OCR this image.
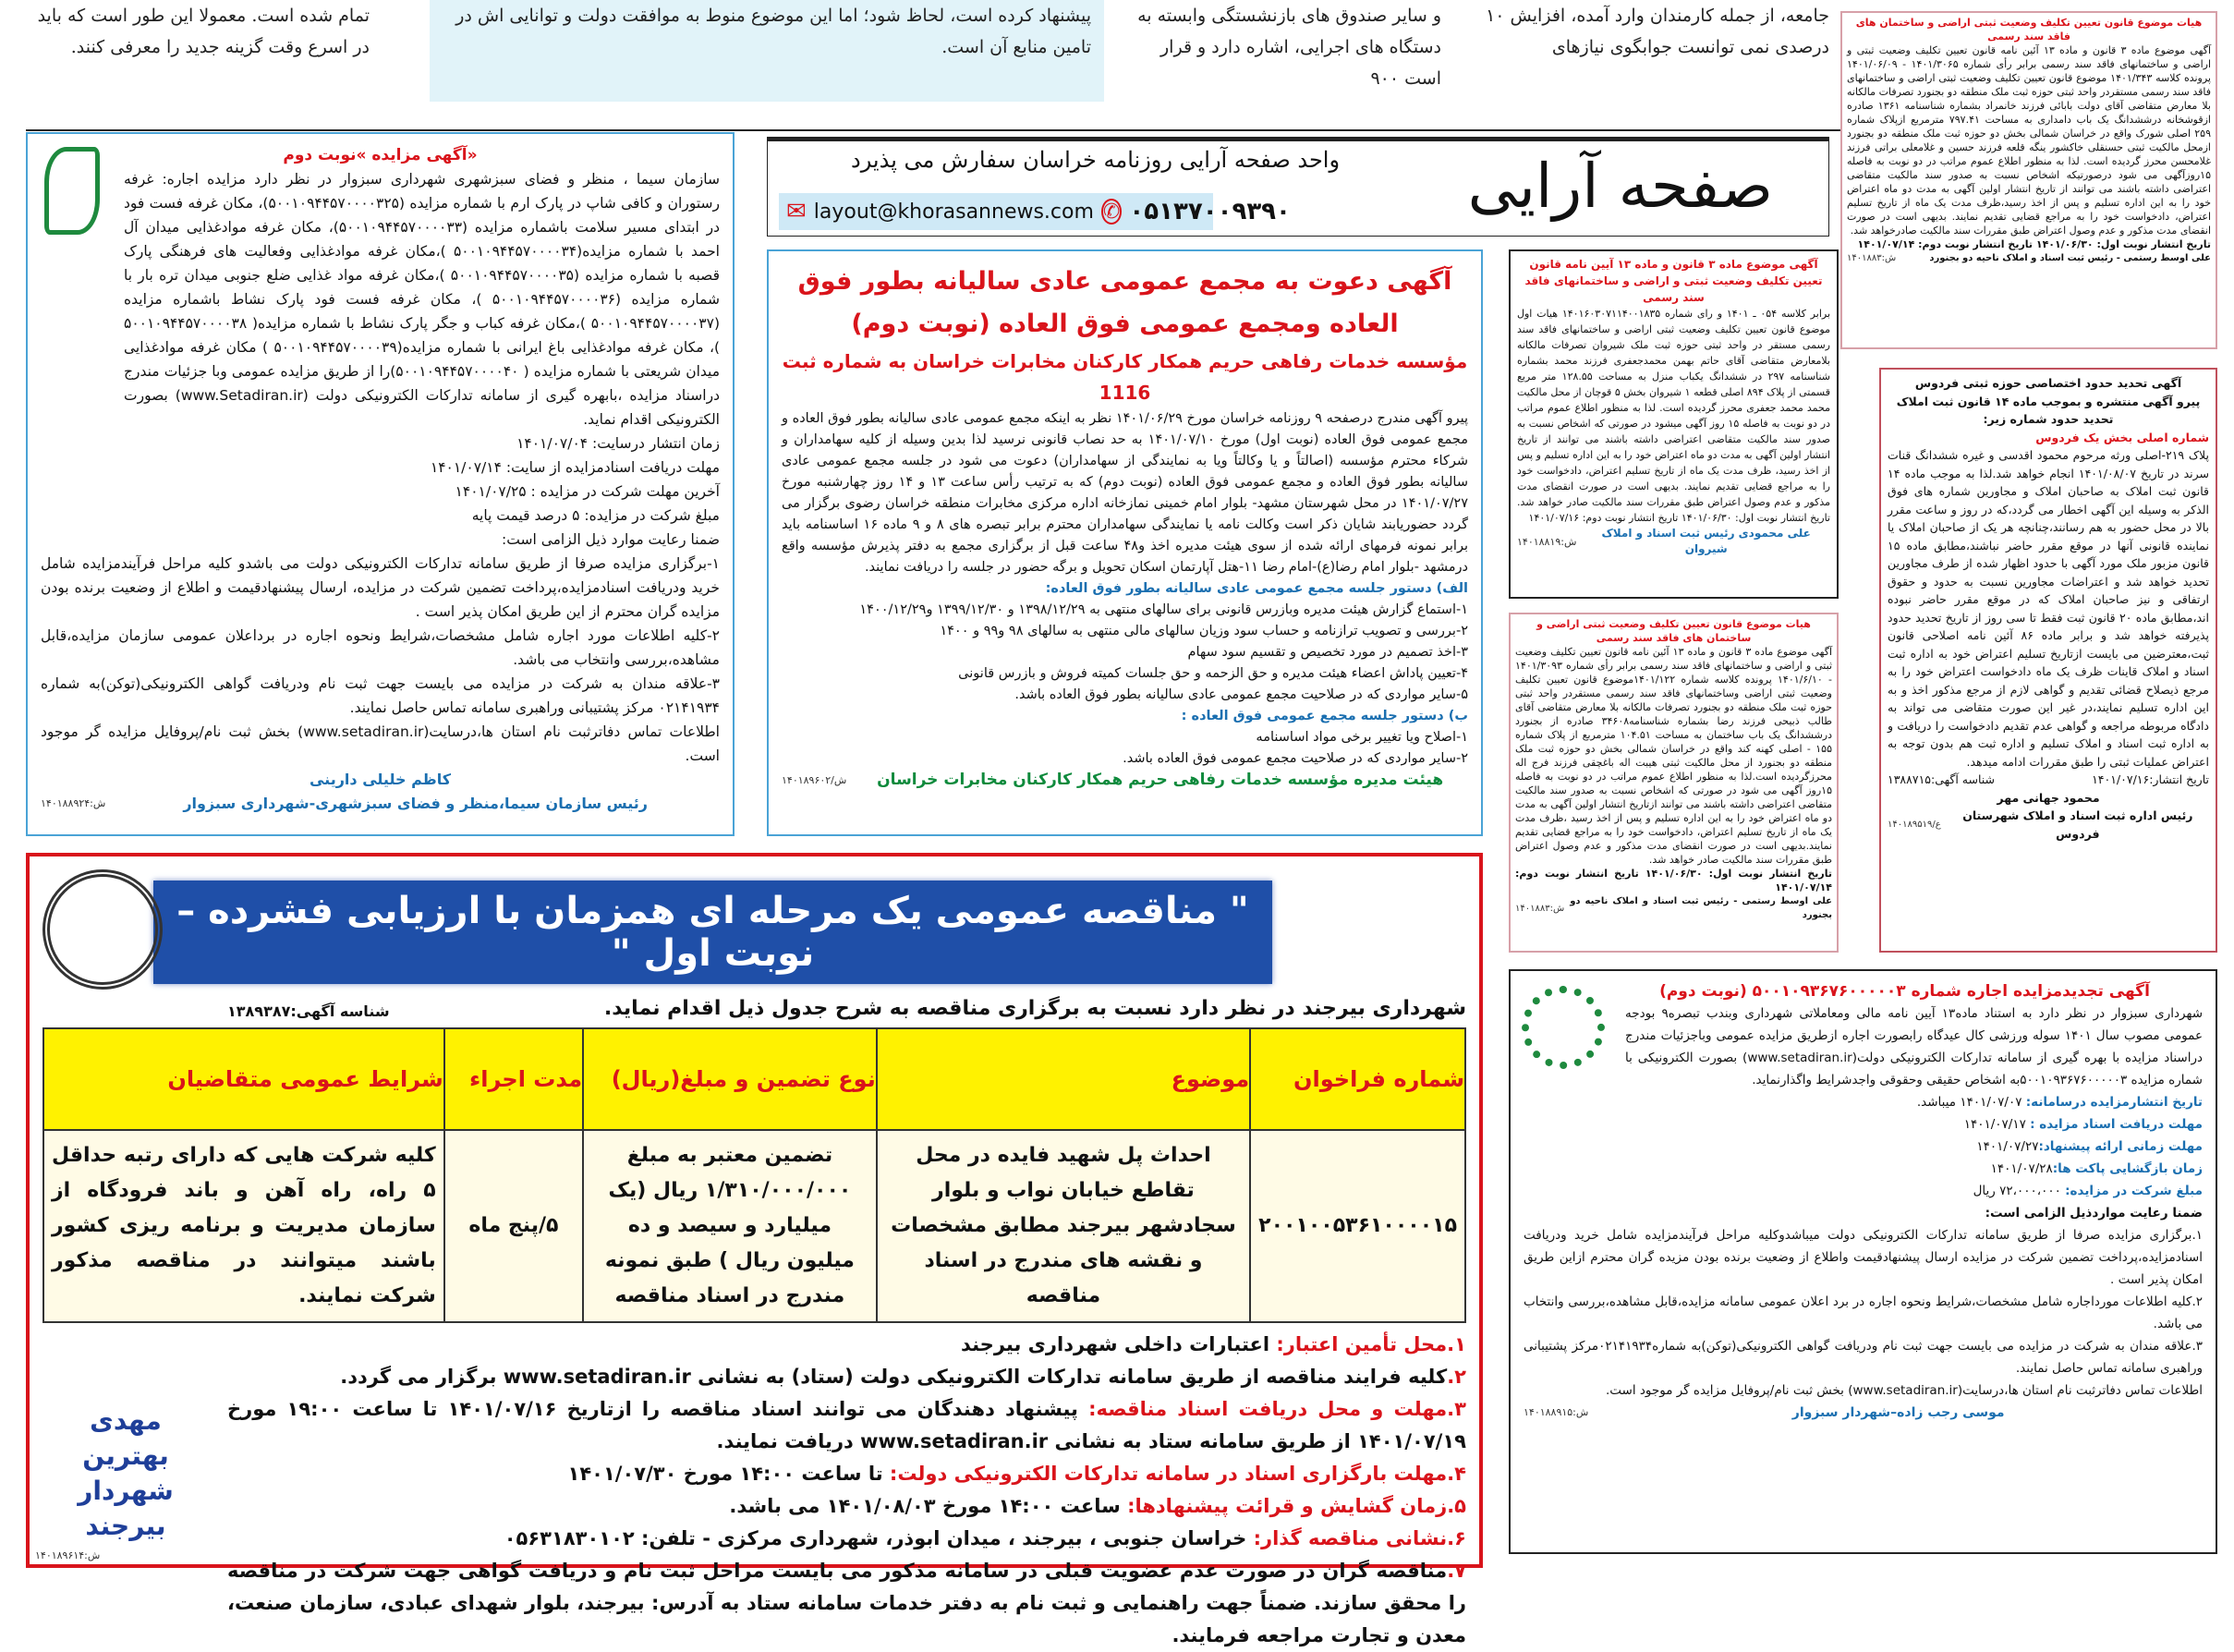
جامعه، از جمله کارمندان وارد آمده، افزایش ۱۰ درصدی نمی توانست جوابگوی نیازهای
و سایر صندوق های بازنشستگی وابسته به دستگاه های اجرایی، اشاره دارد و قرار است ۹۰۰
پیشنهاد کرده است، لحاظ شود؛ اما این موضوع منوط به موافقت دولت و توانایی اش در تامین منابع آن است.
تمام شده است. معمولا این طور است که باید در اسرع وقت گزینه جدید را معرفی کنند.
صفحه آرایی
واحد صفحه آرایی روزنامه خراسان سفارش می پذیرد
✉ layout@khorasannews.com ✆ ۰۵۱۳۷۰۰۹۳۹۰
«آگهی مزایده »نوبت دوم

سازمان سیما ، منظر و فضای سبزشهری شهرداری سبزوار در نظر دارد مزایده اجاره: غرفه رستوران و کافی شاپ در پارک ارم با شماره مزایده (۵۰۰۱۰۹۴۴۵۷۰۰۰۰۳۲۵)، مکان غرفه فست فود در ابتدای مسیر سلامت باشماره مزایده (۵۰۰۱۰۹۴۴۵۷۰۰۰۰۳۳)، مکان غرفه موادغذایی میدان آل احمد با شماره مزایده(۵۰۰۱۰۹۴۴۵۷۰۰۰۰۳۴ )،مکان غرفه موادغذایی وفعالیت های فرهنگی پارک قصبه با شماره مزایده (۵۰۰۱۰۹۴۴۵۷۰۰۰۰۳۵ )،مکان غرفه مواد غذایی ضلع جنوبی میدان تره بار با شماره مزایده (۵۰۰۱۰۹۴۴۵۷۰۰۰۰۳۶ )، مکان غرفه فست فود پارک نشاط باشماره مزایده (۵۰۰۱۰۹۴۴۵۷۰۰۰۰۳۷ )،مکان غرفه کباب و جگر پارک نشاط با شماره مزایده( ۵۰۰۱۰۹۴۴۵۷۰۰۰۰۳۸ )، مکان غرفه موادغذایی باغ ایرانی با شماره مزایده(۵۰۰۱۰۹۴۴۵۷۰۰۰۰۳۹ ) مکان غرفه موادغذایی میدان شریعتی با شماره مزایده ( ۵۰۰۱۰۹۴۴۵۷۰۰۰۰۴۰)را از طریق مزایده عمومی وبا جزئیات مندرج دراسناد مزایده ،بابهره گیری از سامانه تدارکات الکترونیکی دولت (www.Setadiran.ir) بصورت الکترونیکی اقدام نماید.

زمان انتشار درسایت: ۱۴۰۱/۰۷/۰۴
مهلت دریافت اسنادمزایده از سایت: ۱۴۰۱/۰۷/۱۴
آخرین مهلت شرکت در مزایده : ۱۴۰۱/۰۷/۲۵
مبلغ شرکت در مزایده: ۵ درصد قیمت پایه
ضمنا رعایت موارد ذیل الزامی است:
۱-برگزاری مزایده صرفا از طریق سامانه تدارکات الکترونیکی دولت می باشدو کلیه مراحل فرآیندمزایده شامل خرید ودریافت اسنادمزایده،پرداخت تضمین شرکت در مزایده، ارسال پیشنهادقیمت و اطلاع از وضعیت برنده بودن مزایده گران محترم از این طریق امکان پذیر است .
۲-کلیه اطلاعات مورد اجاره شامل مشخصات،شرایط ونحوه اجاره در برداعلان عمومی سازمان مزایده،قابل مشاهده،بررسی وانتخاب می باشد.
۳-علاقه مندان به شرکت در مزایده می بایست جهت ثبت نام ودریافت گواهی الکترونیکی(توکن)به شماره ۰۲۱۴۱۹۳۴ مرکز پشتیبانی وراهبری سامانه تماس حاصل نمایند.
اطلاعات تماس دفاترثبت نام استان ها،درسایت(www.setadiran.ir) بخش ثبت نام/پروفایل مزایده گر موجود است.
کاظم خلیلی دارینی
رئیس سازمان سیما،منظر و فضای سبزشهری-شهرداری سبزوار
۱۴۰۱۸۸۹۲۴:ش
آگهی دعوت به مجمع عمومی عادی سالیانه بطور فوق العاده ومجمع عمومی فوق العاده (نوبت دوم)
مؤسسه خدمات رفاهی حریم همکار کارکنان مخابرات خراسان به شماره ثبت 1116

پیرو آگهی مندرج درصفحه ۹ روزنامه خراسان مورخ ۱۴۰۱/۰۶/۲۹ نظر به اینکه مجمع عمومی عادی سالیانه بطور فوق العاده و مجمع عمومی فوق العاده (نوبت اول) مورخ ۱۴۰۱/۰۷/۱۰ به حد نصاب قانونی نرسید لذا بدین وسیله از کلیه سهامداران و شرکاء محترم مؤسسه (اصالتاً و یا وکالتاً ویا به نمایندگی از سهامداران) دعوت می شود در جلسه مجمع عمومی عادی سالیانه بطور فوق العاده و مجمع عمومی فوق العاده (نوبت دوم) که به ترتیب رأس ساعت ۱۳ و ۱۴ روز چهارشنبه مورخ ۱۴۰۱/۰۷/۲۷ در محل شهرستان مشهد- بلوار امام خمینی نمازخانه اداره مرکزی مخابرات منطقه خراسان رضوی برگزار می گردد حضوریابند شایان ذکر است وکالت نامه یا نمایندگی سهامداران محترم برابر تبصره های ۸ و ۹ ماده ۱۶ اساسنامه باید برابر نمونه فرمهای ارائه شده از سوی هیئت مدیره اخذ و۴۸ ساعت قبل از برگزاری مجمع به دفتر پذیرش مؤسسه واقع درمشهد -بلوار امام رضا(ع)-امام رضا ۱۱-هتل آپارتمان اسکان تحویل و برگه حضور در جلسه را دریافت نمایند.

الف) دستور جلسه مجمع عمومی عادی سالیانه بطور فوق العاده:
۱-استماع گزارش هیئت مدیره وبازرس قانونی برای سالهای منتهی به ۱۳۹۸/۱۲/۲۹ و ۱۳۹۹/۱۲/۳۰ و۱۴۰۰/۱۲/۲۹
۲-بررسی و تصویب ترازنامه و حساب سود وزیان سالهای مالی منتهی به سالهای ۹۸ و۹۹ و ۱۴۰۰
۳-اخذ تصمیم در مورد تخصیص و تقسیم سود سهام
۴-تعیین پاداش اعضاء هیئت مدیره و حق الزحمه و حق جلسات کمیته فروش و بازرس قانونی
۵-سایر مواردی که در صلاحیت مجمع عمومی عادی سالیانه بطور فوق العاده باشد.
ب) دستور جلسه مجمع عمومی فوق العاده :
۱-اصلاح ویا تغییر برخی مواد اساسنامه
۲-سایر مواردی که در صلاحیت مجمع عمومی فوق العاده باشد.
هیئت مدیره مؤسسه خدمات رفاهی حریم همکار کارکنان مخابرات خراسان
۱۴۰۱۸۹۶۰۲/ش
آگهی موضوع ماده ۳ قانون و ماده ۱۳ آیین نامه قانون تعیین تکلیف وضعیت ثبتی و اراضی و ساختمانهای فاقد سند رسمی

برابر کلاسه ۰۵۴ ـ ۱۴۰۱ و رای شماره ۱۴۰۱۶۰۳۰۷۱۱۴۰۰۱۸۳۵ هیات اول موضوع قانون تعیین تکلیف وضعیت ثبتی اراضی و ساختمانهای فاقد سند رسمی مستقر در واحد ثبتی حوزه ثبت ملک شیروان تصرفات مالکانه بلامعارض متقاضی آقای حاتم بهمن محمدجعفری فرزند محمد بشماره شناسنامه ۲۹۷ در ششدانگ یکباب منزل به مساحت ۱۲۸.۵۵ متر مربع قسمتی از پلاک ۸۹۴ اصلی قطعه ۱ شیروان بخش ۵ قوچان از محل مالکیت محمد محمد جعفری محرز گردیده است. لذا به منظور اطلاع عموم مراتب در دو نوبت به فاصله ۱۵ روز آگهی میشود در صورتی که اشخاص نسبت به صدور سند مالکیت متقاضی اعتراضی داشته باشند می توانند از تاریخ انتشار اولین آگهی به مدت دو ماه اعتراض خود را به این اداره تسلیم و پس از اخذ رسید، ظرف مدت یک ماه از تاریخ تسلیم اعتراض، دادخواست خود را به مراجع قضایی تقدیم نمایند. بدیهی است در صورت انقضای مدت مذکور و عدم وصول اعتراض طبق مقررات سند مالکیت صادر خواهد شد. تاریخ انتشار نوبت اول: ۱۴۰۱/۰۶/۳۰ تاریخ انتشار نوبت دوم: ۱۴۰۱/۰۷/۱۶

علی محمودی رئیس ثبت اسناد و املاک شیروان
۱۴۰۱۸۸۱۹:ش
هیات موضوع قانون تعیین تکلیف وضعیت ثبتی اراضی و ساختمان های فاقد سند رسمی

آگهی موضوع ماده ۳ قانون و ماده ۱۳ آئین نامه قانون تعیین تکلیف وضعیت ثبتی و اراضی و ساختمانهای فاقد سند رسمی برابر رأی شماره ۱۴۰۱/۳۰۹۳ - ۱۴۰۱/۶/۱۰ پرونده کلاسه شماره ۱۴۰۱/۱۲۲موضوع قانون تعیین تکلیف وضعیت ثبتی اراضی وساختمانهای فاقد سند رسمی مستقردر واحد ثبتی حوزه ثبت ملک منطقه دو بجنورد تصرفات مالکانه بلا معارض متقاضی آقای طالب ذبیحی فرزند رضا بشماره شناسنامه۳۴۶۰۸ صادره از بجنورد درششدانگ یک باب ساختمان به مساحت ۱۰۴.۵۱ مترمربع از پلاک شماره ۱۵۵ - اصلی کهنه کند واقع در خراسان شمالی بخش دو حوزه ثبت ملک منطقه دو بجنورد از محل مالکیت ثبتی هیبت اله باغچقی فرزند فرج اله محرزگردیده است.لذا به منظور اطلاع عموم مراتب در دو نوبت به فاصله ۱۵روز آگهی می شود در صورتی که اشخاص نسبت به صدور سند مالکیت متقاضی اعتراضی داشته باشند می توانند ازتاریخ انتشار اولین آگهی به مدت دو ماه اعتراض خود را به این اداره تسلیم و پس از اخذ رسید ،ظرف مدت یک ماه از تاریخ تسلیم اعتراض، دادخواست خود را به مراجع قضایی تقدیم نمایند.بدیهی است در صورت انقضای مدت مذکور و عدم وصول اعتراض طبق مقررات سند مالکیت صادر خواهد شد.

تاریخ انتشار نوبت اول: ۱۴۰۱/۰۶/۳۰ تاریخ انتشار نوبت دوم: ۱۴۰۱/۰۷/۱۴
علی اوسط رستمی - رئیس ثبت اسناد و املاک ناحیه دو بجنورد
۱۴۰۱۸۸۳:ش
هیات موضوع قانون تعیین تکلیف وضعیت ثبتی اراضی و ساختمان های فاقد سند رسمی

آگهی موضوع ماده ۳ قانون و ماده ۱۳ آئین نامه قانون تعیین تکلیف وضعیت ثبتی و اراضی و ساختمانهای فاقد سند رسمی برابر رأی شماره ۱۴۰۱/۳۰۶۵ - ۱۴۰۱/۰۶/۰۹ پرونده کلاسه ۱۴۰۱/۳۴۳ موضوع قانون تعیین تکلیف وضعیت ثبتی اراضی و ساختمانهای فاقد سند رسمی مستقردر واحد ثبتی حوزه ثبت ملک منطقه دو بجنورد تصرفات مالکانه بلا معارض متقاضی آقای دولت بابائی فرزند خانمراد بشماره شناسنامه ۱۳۶۱ صادره ازقوشخانه درششدانگ یک باب دامداری به مساحت ۷۹۷.۴۱ مترمربع ازپلاک شماره ۲۵۹ اصلی شورک واقع در خراسان شمالی بخش دو حوزه ثبت ملک منطقه دو بجنورد ازمحل مالکیت ثبتی حسنقلی خاکشور ینگه قلعه فرزند حسین و غلامعلی براتی فرزند غلامحسن محرز گردیده است. لذا به منظور اطلاع عموم مراتب در دو نوبت به فاصله ۱۵روزآگهی می شود درصورتیکه اشخاص نسبت به صدور سند مالکیت متقاضی اعتراضی داشته باشند می توانند از تاریخ انتشار اولین آگهی به مدت دو ماه اعتراض خود را به این اداره تسلیم و پس از اخذ رسید،ظرف مدت یک ماه از تاریخ تسلیم اعتراض، دادخواست خود را به مراجع قضایی تقدیم نمایند. بدیهی است در صورت انقضای مدت مذکور و عدم وصول اعتراض طبق مقررات سند مالکیت صادرخواهد شد.

تاریخ انتشار نوبت اول: ۱۴۰۱/۰۶/۳۰ تاریخ انتشار نوبت دوم: ۱۴۰۱/۰۷/۱۴
علی اوسط رستمی - رئیس ثبت اسناد و املاک ناحیه دو بجنورد
۱۴۰۱۸۸۳:ش
آگهی تحدید حدود اختصاصی حوزه ثبتی فردوس
پیرو آگهی منتشره و بموجب ماده ۱۴ قانون ثبت املاک تحدید حدود شماره زیر:
شماره اصلی بخش یک فردوس

پلاک ۲۱۹-اصلی ورثه مرحوم محمود اقدسی و غیره ششدانگ قنات سرند در تاریخ ۱۴۰۱/۰۸/۰۷ انجام خواهد شد.لذا به موجب ماده ۱۴ قانون ثبت املاک به صاحبان املاک و مجاورین شماره های فوق الذکر به وسیله این آگهی اخطار می گردد،که در روز و ساعت مقرر بالا در محل حضور به هم رسانند،چنانچه هر یک از صاحبان املاک یا نماینده قانونی آنها در موقع مقرر حاضر نباشند،مطابق ماده ۱۵ قانون مزبور ملک مورد آگهی با حدود اظهار شده از طرف مجاورین تحدید خواهد شد و اعتراضات مجاورین نسبت به حدود و حقوق ارتفاقی و نیز صاحبان املاک که در موقع مقرر حاضر نبوده اند،مطابق ماده ۲۰ قانون ثبت فقط تا سی روز از تاریخ تحدید حدود پذیرفته خواهد شد و برابر ماده ۸۶ آئین نامه اصلاحی قانون ثبت،معترضین می بایست ازتاریخ تسلیم اعتراض خود به اداره ثبت اسناد و املاک قاینات ظرف یک ماه دادخواست اعتراض خود را به مرجع ذیصلاح قضائی تقدیم و گواهی لازم از مرجع مذکور اخذ و به این اداره تسلیم نمایند،در غیر این صورت متقاضی می تواند به دادگاه مربوطه مراجعه و گواهی عدم تقدیم دادخواست را دریافت و به اداره ثبت اسناد و املاک تسلیم و اداره ثبت هم بدون توجه به اعتراض عملیات ثبتی را طبق مقررات ادامه میدهد.

تاریخ انتشار:۱۴۰۱/۰۷/۱۶
شناسه آگهی:۱۳۸۸۷۱۵
محمود جهانی مهر
رئیس اداره ثبت اسناد و املاک شهرستان فردوس
ع/۱۴۰۱۸۹۵۱۹
" مناقصه عمومی یک مرحله ای همزمان با ارزیابی فشرده – نوبت اول "
شهرداری بیرجند در نظر دارد نسبت به برگزاری مناقصه به شرح جدول ذیل اقدام نماید.
شناسه آگهی:۱۳۸۹۳۸۷
شماره فراخوان	موضوع	نوع تضمین و مبلغ(ریال)	مدت اجراء	شرایط عمومی متقاضیان
۲۰۰۱۰۰۵۳۶۱۰۰۰۰۱۵	احداث پل شهید فایده در محل تقاطع خیابان نواب و بلوار سجادشهر بیرجند مطابق مشخصات و نقشه های مندرج در اسناد مناقصه	تضمین معتبر به مبلغ ۱/۳۱۰/۰۰۰/۰۰۰ ریال (یک میلیارد و سیصد و ده میلیون ریال ) طبق نمونه مندرج در اسناد مناقصه	۵/پنج ماه	کلیه شرکت هایی که دارای رتبه حداقل ۵ راه، راه آهن و باند فرودگاه از سازمان مدیریت و برنامه ریزی کشور باشند میتوانند در مناقصه مذکور شرکت نمایند.
۱.محل تأمین اعتبار: اعتبارات داخلی شهرداری بیرجند
۲.کلیه فرایند مناقصه از طریق سامانه تدارکات الکترونیکی دولت (ستاد) به نشانی www.setadiran.ir برگزار می گردد.
۳.مهلت و محل دریافت اسناد مناقصه: پیشنهاد دهندگان می توانند اسناد مناقصه را ازتاریخ ۱۴۰۱/۰۷/۱۶ تا ساعت ۱۹:۰۰ مورخ ۱۴۰۱/۰۷/۱۹ از طریق سامانه ستاد به نشانی www.setadiran.ir دریافت نمایند.
۴.مهلت بارگزاری اسناد در سامانه تدارکات الکترونیکی دولت: تا ساعت ۱۴:۰۰ مورخ ۱۴۰۱/۰۷/۳۰
۵.زمان گشایش و قرائت پیشنهادها: ساعت ۱۴:۰۰ مورخ ۱۴۰۱/۰۸/۰۳ می باشد.
۶.نشانی مناقصه گذار: خراسان جنوبی ، بیرجند ، میدان ابوذر، شهرداری مرکزی - تلفن: ۰۵۶۳۱۸۳۰۱۰۲
۷.مناقصه گران در صورت عدم عضویت قبلی در سامانه مذکور می بایست مراحل ثبت نام و دریافت گواهی جهت شرکت در مناقصه را محقق سازند. ضمناً جهت راهنمایی و ثبت نام به دفتر خدمات سامانه ستاد به آدرس: بیرجند، بلوار شهدای عبادی، سازمان صنعت، معدن و تجارت مراجعه فرمایند.
مهدی بهترین
شهردار بیرجند
۱۴۰۱۸۹۶۱۴:ش
آگهی تجدیدمزایده اجاره شماره ۵۰۰۱۰۹۳۶۷۶۰۰۰۰۰۳ (نوبت دوم)

شهرداری سبزوار در نظر دارد به استناد ماده۱۳ آیین نامه مالی ومعاملاتی شهرداری وبندب تبصره۹ بودجه عمومی مصوب سال ۱۴۰۱ سوله ورزشی کال عیدگاه رابصورت اجاره ازطریق مزایده عمومی وباجزئیات مندرج دراسناد مزایده با بهره گیری از سامانه تدارکات الکترونیکی دولت(www.setadiran.ir) بصورت الکترونیکی با شماره مزایده ۵۰۰۱۰۹۳۶۷۶۰۰۰۰۰۳به اشخاص حقیقی وحقوقی واجدشرایط واگذارنماید.

تاریخ انتشارمزایده درسامانه: ۱۴۰۱/۰۷/۰۷ میباشد.
مهلت دریافت اسناد مزایده : ۱۴۰۱/۰۷/۱۷
مهلت زمانی ارائه پیشنهاد:۱۴۰۱/۰۷/۲۷
زمان بازگشایی پاکت ها:۱۴۰۱/۰۷/۲۸
مبلغ شرکت در مزایده: ۷۲،۰۰۰،۰۰۰ ریال
ضمنا رعایت مواردذیل الزامی است:
۱.برگزاری مزایده صرفا از طریق سامانه تدارکات الکترونیکی دولت میباشدوکلیه مراحل فرآیندمزایده شامل خرید ودریافت اسنادمزایده،پرداخت تضمین شرکت در مزایده ارسال پیشنهادقیمت واطلاع از وضعیت برنده بودن مزیده گران محترم ازاین طریق امکان پذیر است .
۲.کلیه اطلاعات مورداجاره شامل مشخصات،شرایط ونحوه اجاره در برد اعلان عمومی سامانه مزایده،قابل مشاهده،بررسی وانتخاب می باشد.
۳.علاقه مندان به شرکت در مزایده می بایست جهت ثبت نام ودریافت گواهی الکترونیکی(توکن)به شماره۰۲۱۴۱۹۳۴مرکز پشتیبانی وراهبری سامانه تماس حاصل نمایند.
اطلاعات تماس دفاترثبت نام استان ها،درسایت(www.setadiran.ir) بخش ثبت نام/پروفایل مزایده گر موجود است.
موسی رجب زاده–شهردار سبزوار
۱۴۰۱۸۸۹۱۵:ش
